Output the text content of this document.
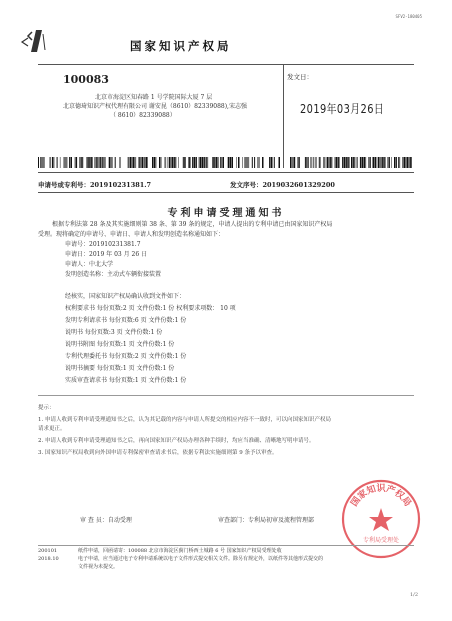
SFV2-180405
国家知识产权局
100083
北京市海淀区知春路 1 号学院国际大厦 7 层
北京德琦知识产权代理有限公司 谢安昆（8610）82339088),宋志强
（ 8610）82339088）
发文日：
2019年03月26日
申请号或专利号：201910231381.7	发文序号：2019032601329200
专利申请受理通知书
根据专利法第 28 条及其实施细则第 38 条、第 39 条的规定，申请人提出的专利申请已由国家知识产权局
受理。现将确定的申请号、申请日、申请人和发明创造名称通知如下：
申请号：201910231381.7
申请日：2019 年 03 月 26 日
申请人：中北大学
发明创造名称：主动式车辆衔接装置
经核实，国家知识产权局确认收到文件如下：
权利要求书 每份页数:2 页 文件份数:1 份 权利要求项数： 10 项
发明专利请求书 每份页数:6 页 文件份数:1 份
说明书 每份页数:3 页 文件份数:1 份
说明书附图 每份页数:1 页 文件份数:1 份
专利代理委托书 每份页数:2 页 文件份数:1 份
说明书摘要 每份页数:1 页 文件份数:1 份
实质审查请求书 每份页数:1 页 文件份数:1 份

提示：

1. 申请人收到专利申请受理通知书之后，认为其记载的内容与申请人所提交的相应内容不一致时，可以向国家知识产权局

请求更正。

2. 申请人收到专利申请受理通知书之后，再向国家知识产权局办理各种手续时，均应当准确、清晰地写明申请号。

3. 国家知识产权局收到向外国申请专利保密审查请求书后，依据专利法实施细则第 9 条予以审查。

国家知识产权局
专利局受理处
审 查 员：自动受理	审查部门：专利局初审及流程管理部
200101
2018.10
纸件申请，回函请寄：100088 北京市海淀区蓟门桥西土城路 6 号 国家知识产权局受理处收
电子申请，应当通过电子专利申请系统以电子文件形式提交相关文件。除另有规定外，以纸件等其他形式提交的
文件视为未提交。
1/2
